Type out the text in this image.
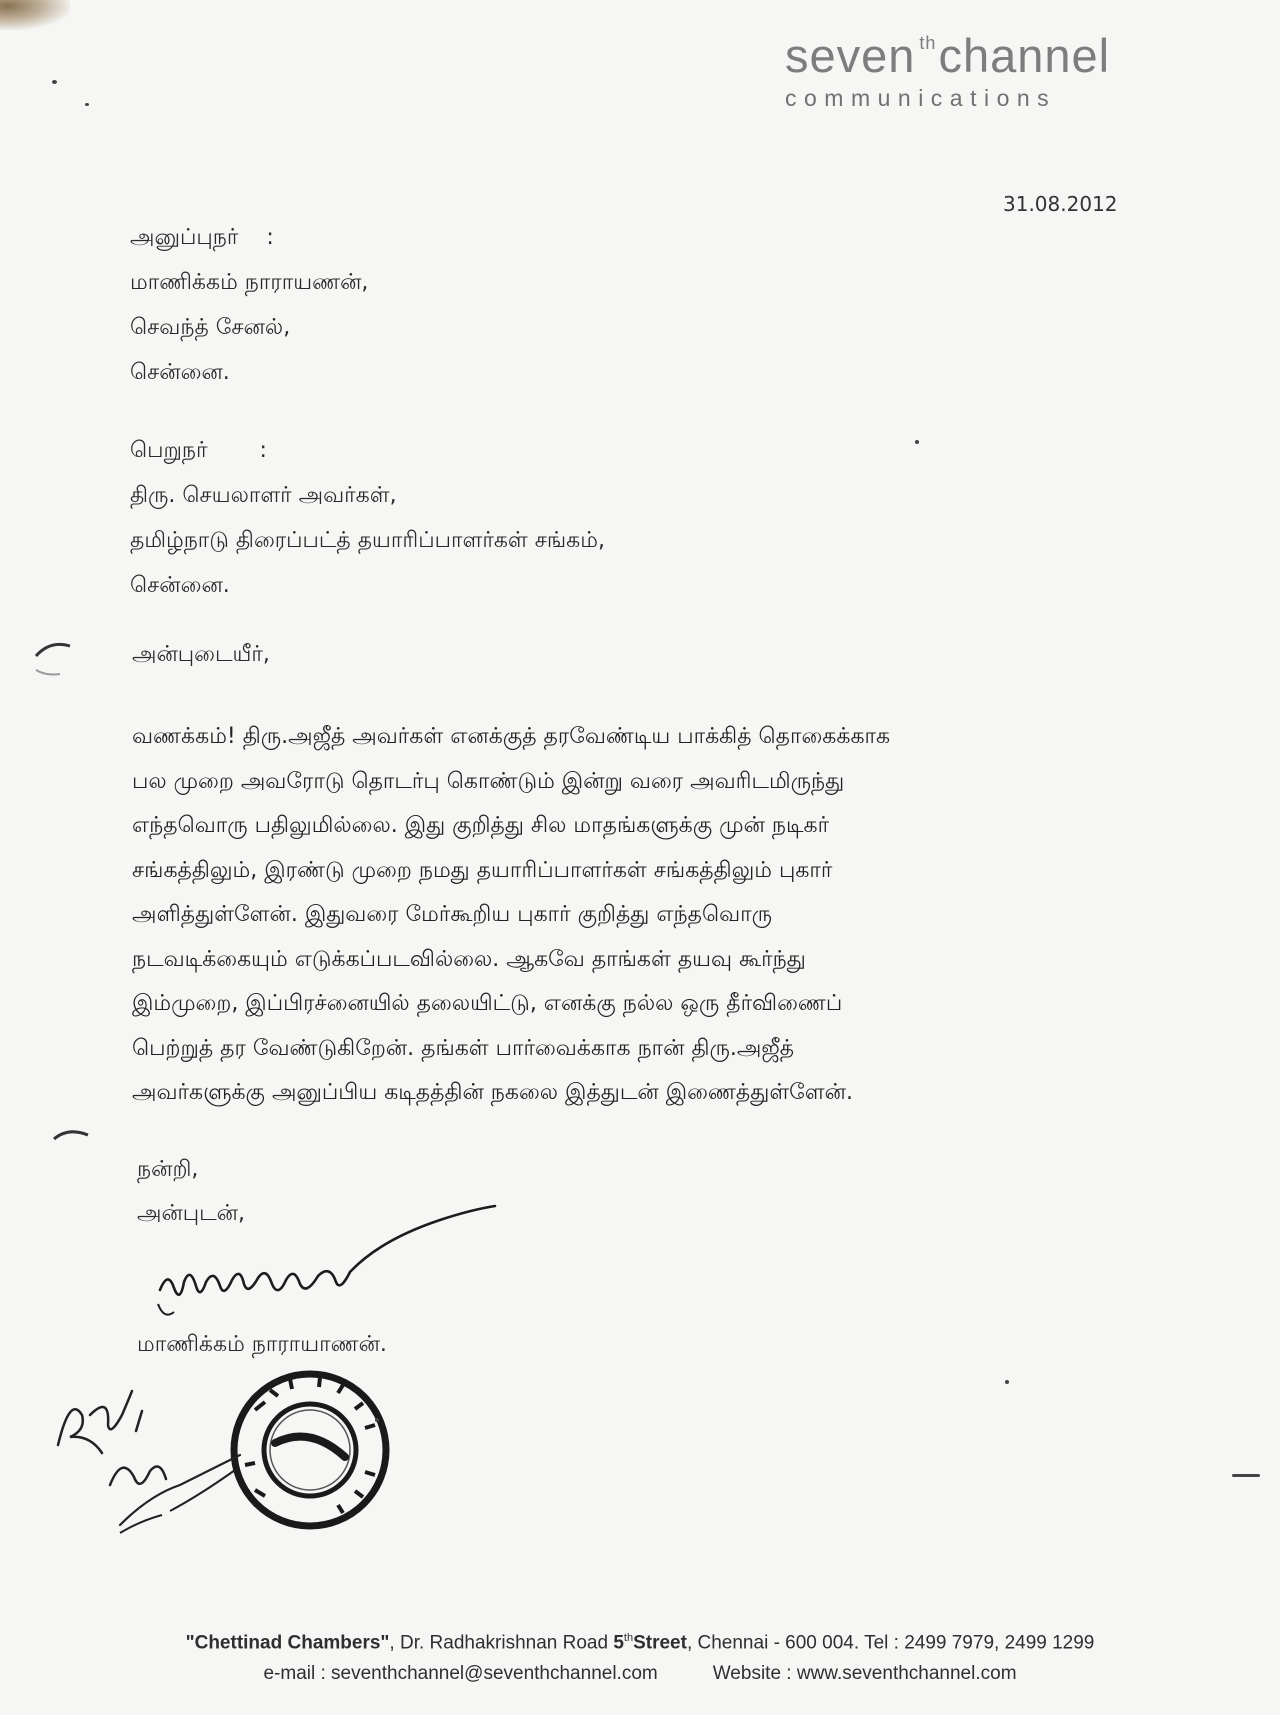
seven $^{th}$channel
communications
31.08.2012
அனுப்புநர் :
மாணிக்கம் நாராயணன்,
செவந்த் சேனல்,
சென்னை.
பெறுநர் :
திரு. செயலாளர் அவர்கள்,
தமிழ்நாடு திரைப்பட்த் தயாரிப்பாளர்கள் சங்கம்,
சென்னை.
அன்புடையீர்,
வணக்கம்! திரு.அஜீத் அவர்கள் எனக்குத் தரவேண்டிய பாக்கித் தொகைக்காக
பல முறை அவரோடு தொடர்பு கொண்டும் இன்று வரை அவரிடமிருந்து
எந்தவொரு பதிலுமில்லை. இது குறித்து சில மாதங்களுக்கு முன் நடிகர்
சங்கத்திலும், இரண்டு முறை நமது தயாரிப்பாளர்கள் சங்கத்திலும் புகார்
அளித்துள்ளேன். இதுவரை மேர்கூறிய புகார் குறித்து எந்தவொரு
நடவடிக்கையும் எடுக்கப்படவில்லை. ஆகவே தாங்கள் தயவு கூர்ந்து
இம்முறை, இப்பிரச்னையில் தலையிட்டு, எனக்கு நல்ல ஒரு தீர்விணைப்
பெற்றுத் தர வேண்டுகிறேன். தங்கள் பார்வைக்காக நான் திரு.அஜீத்
அவர்களுக்கு அனுப்பிய கடிதத்தின் நகலை இத்துடன் இணைத்துள்ளேன்.
நன்றி,
அன்புடன்,
மாணிக்கம் நாராயாணன்.
"Chettinad Chambers", Dr. Radhakrishnan Road 5thStreet, Chennai - 600 004. Tel : 2499 7979, 2499 1299
e-mail : seventhchannel@seventhchannel.com	Website : www.seventhchannel.com
